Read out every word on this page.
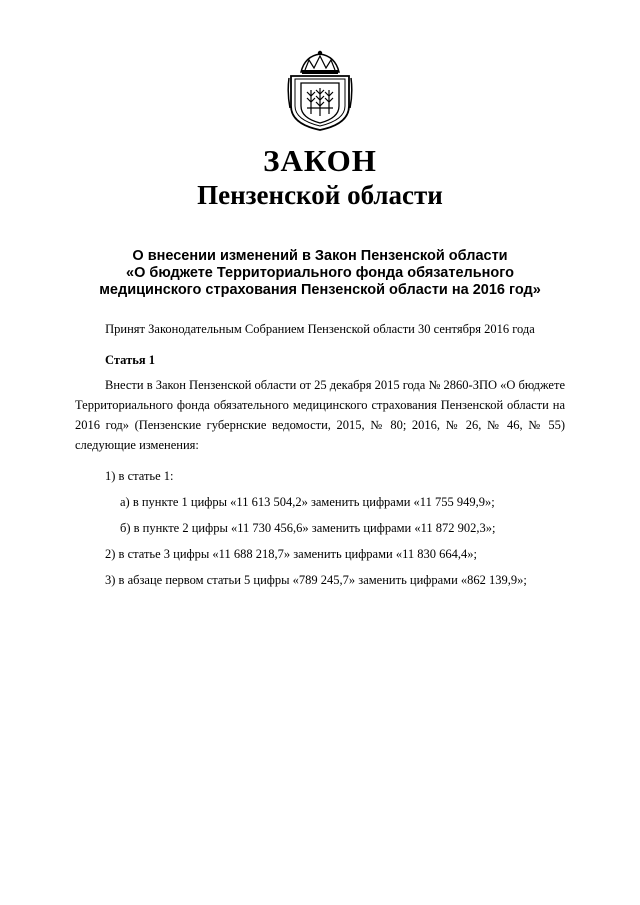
ЗАКОН
Пензенской области
О внесении изменений в Закон Пензенской области
«О бюджете Территориального фонда обязательного
медицинского страхования Пензенской области на 2016 год»
Принят Законодательным Собранием Пензенской области 30 сентября 2016 года
Статья 1
Внести в Закон Пензенской области от 25 декабря 2015 года № 2860-ЗПО «О бюджете Территориального фонда обязательного медицинского страхования Пензенской области на 2016 год» (Пензенские губернские ведомости, 2015, № 80; 2016, № 26, № 46, № 55) следующие изменения:
1) в статье 1:
а) в пункте 1 цифры «11 613 504,2» заменить цифрами «11 755 949,9»;
б) в пункте 2 цифры «11 730 456,6» заменить цифрами «11 872 902,3»;
2) в статье 3 цифры «11 688 218,7» заменить цифрами «11 830 664,4»;
3) в абзаце первом статьи 5 цифры «789 245,7» заменить цифрами «862 139,9»;
